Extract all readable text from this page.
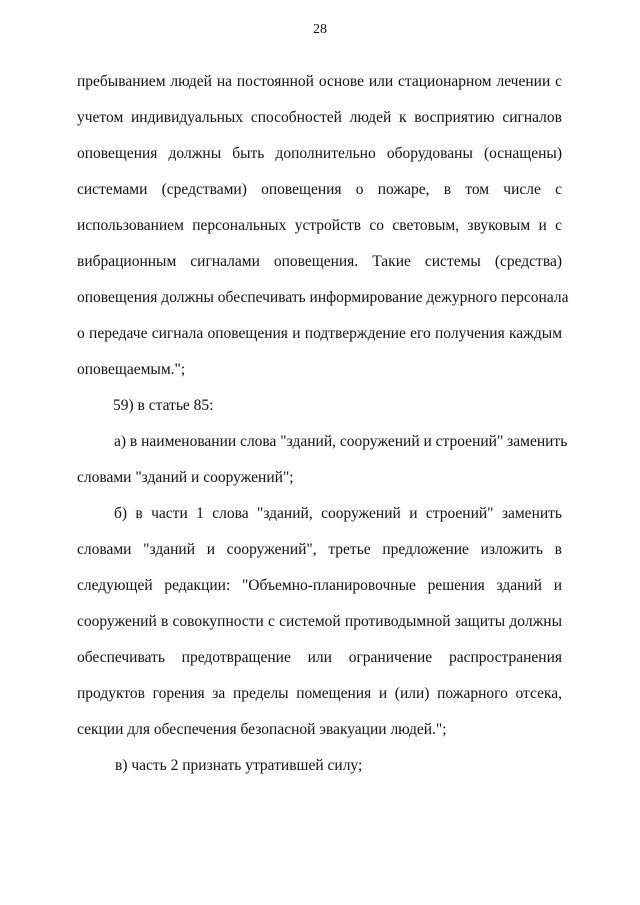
28
пребыванием людей на постоянной основе или стационарном лечении с
учетом индивидуальных способностей людей к восприятию сигналов
оповещения должны быть дополнительно оборудованы (оснащены)
системами (средствами) оповещения о пожаре, в том числе с
использованием персональных устройств со световым, звуковым и с
вибрационным сигналами оповещения. Такие системы (средства)
оповещения должны обеспечивать информирование дежурного персонала
о передаче сигнала оповещения и подтверждение его получения каждым
оповещаемым.";
59) в статье 85:
а) в наименовании слова "зданий, сооружений и строений" заменить
словами "зданий и сооружений";
б) в части 1 слова "зданий, сооружений и строений" заменить
словами "зданий и сооружений", третье предложение изложить в
следующей редакции: "Объемно-планировочные решения зданий и
сооружений в совокупности с системой противодымной защиты должны
обеспечивать предотвращение или ограничение распространения
продуктов горения за пределы помещения и (или) пожарного отсека,
секции для обеспечения безопасной эвакуации людей.";
в) часть 2 признать утратившей силу;
